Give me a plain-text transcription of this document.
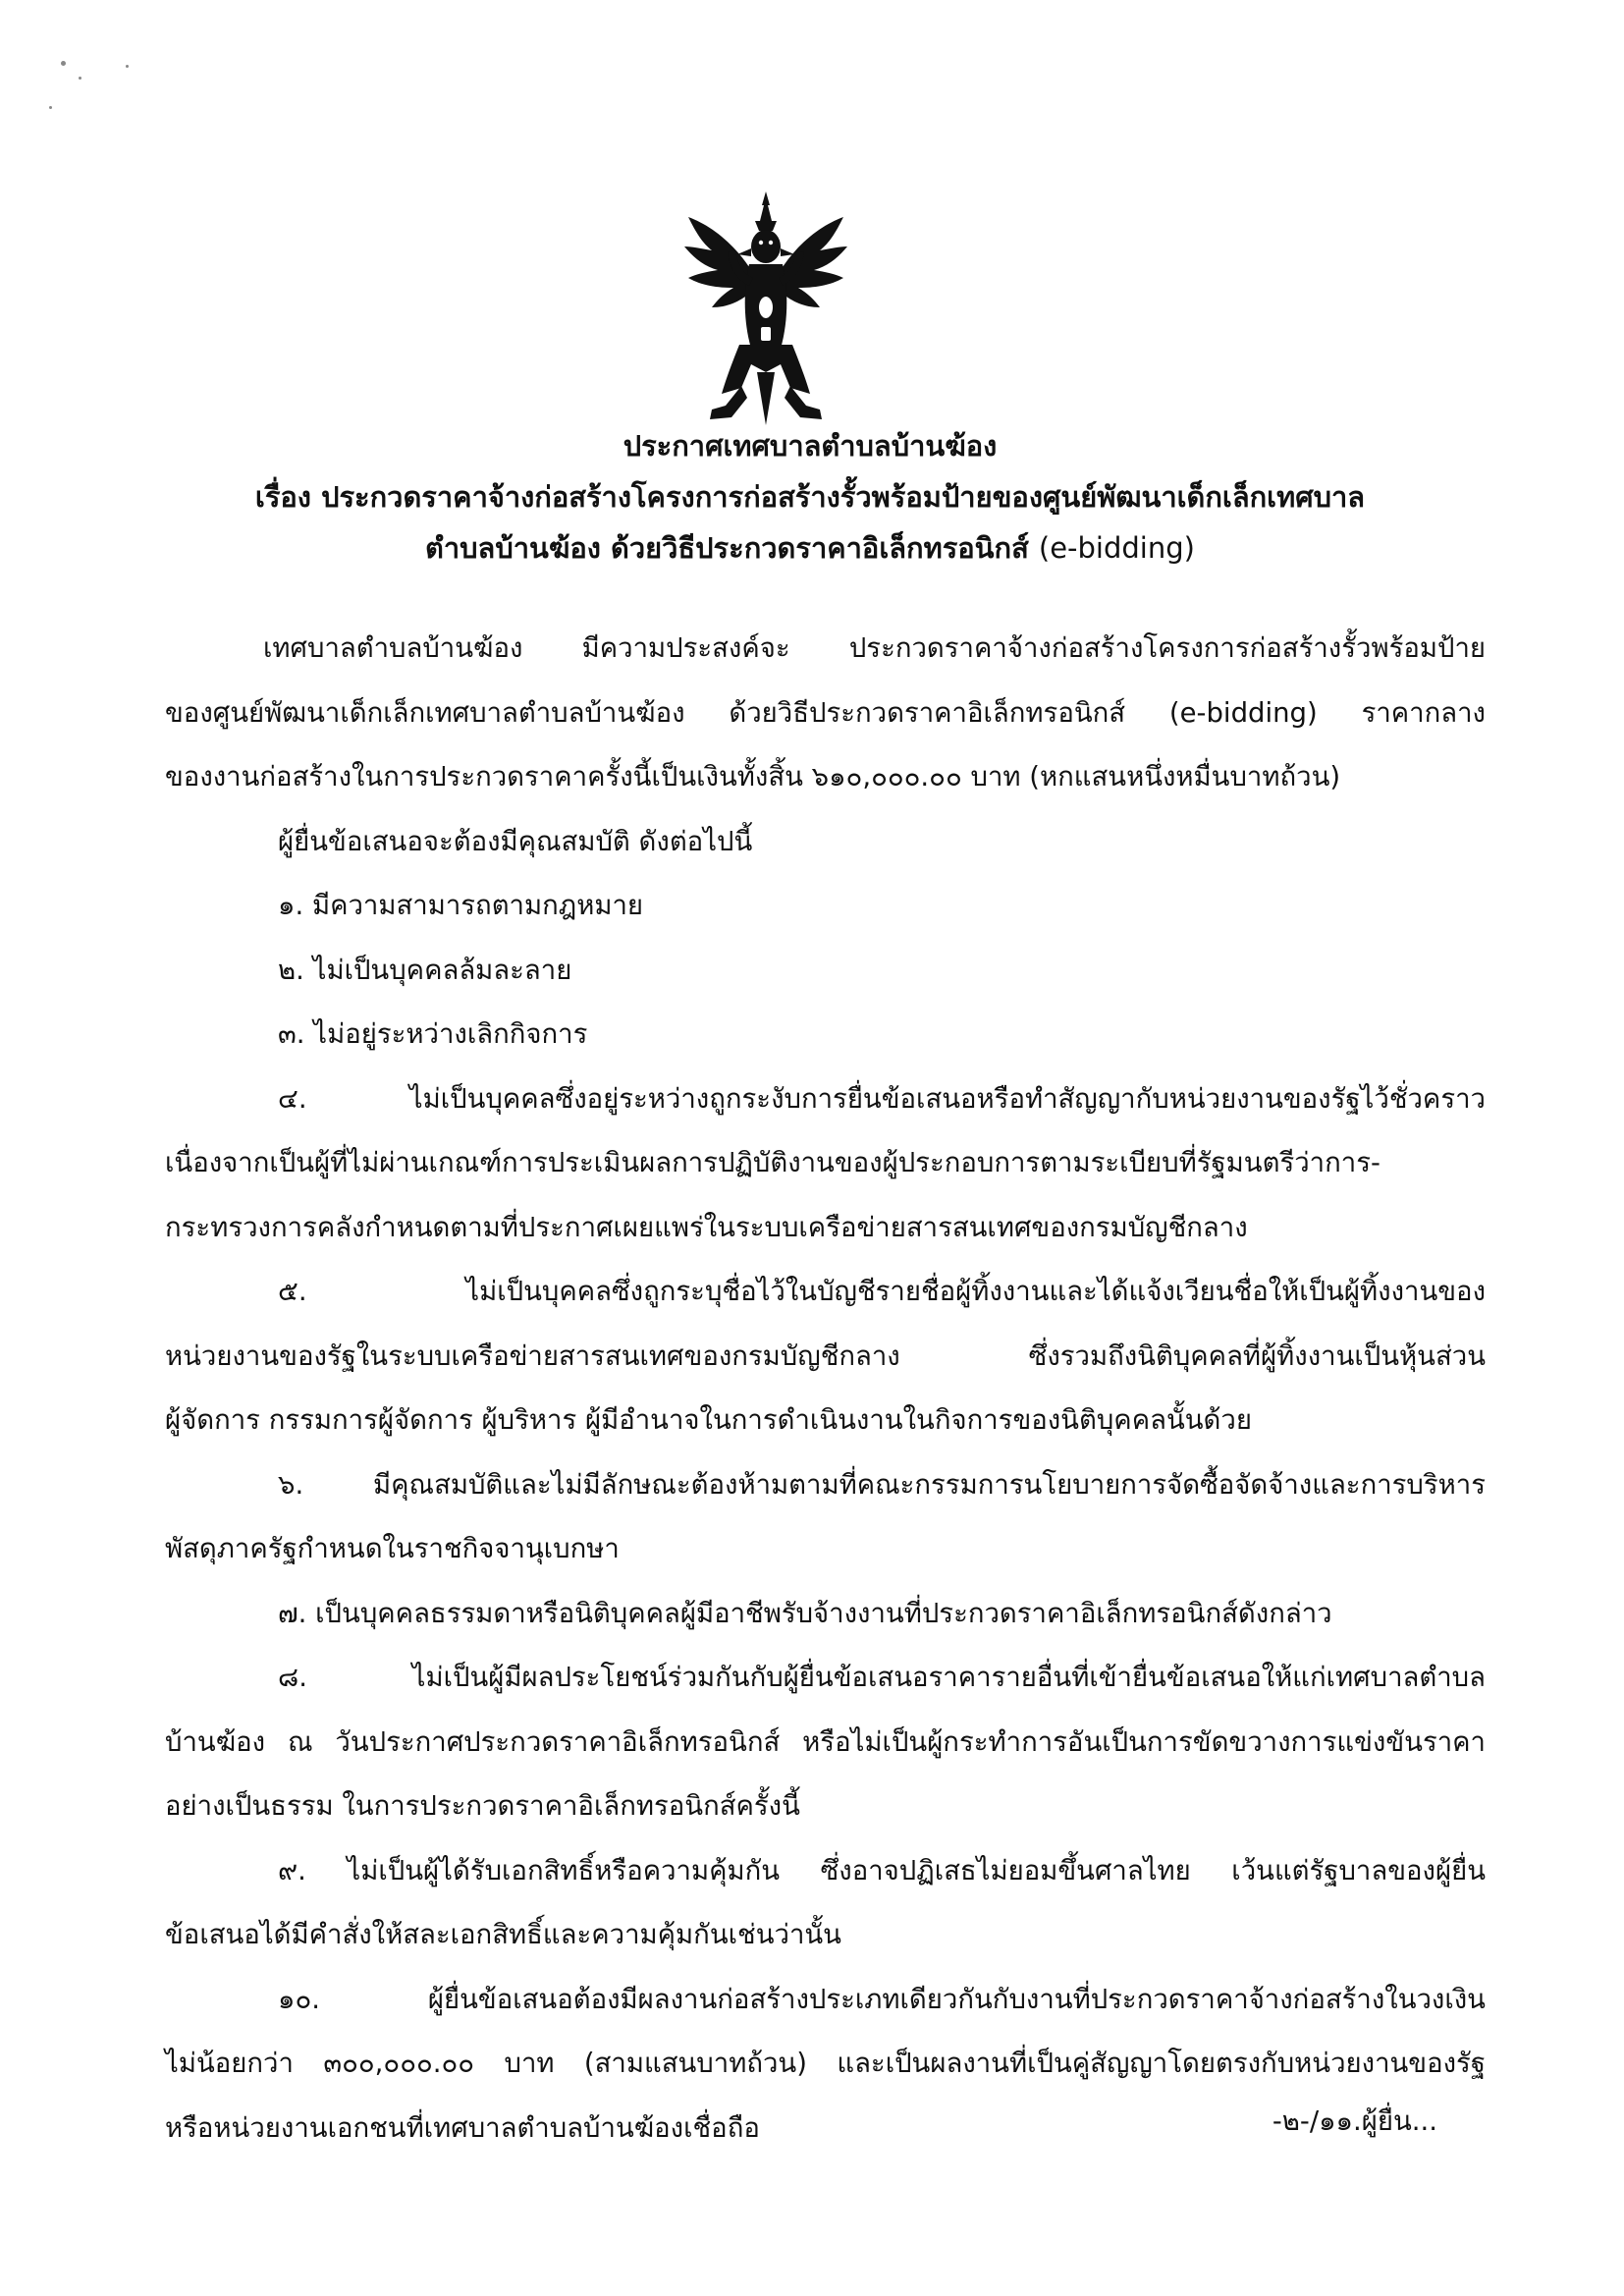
ประกาศเทศบาลตำบลบ้านฆ้อง
เรื่อง ประกวดราคาจ้างก่อสร้างโครงการก่อสร้างรั้วพร้อมป้ายของศูนย์พัฒนาเด็กเล็กเทศบาล
ตำบลบ้านฆ้อง ด้วยวิธีประกวดราคาอิเล็กทรอนิกส์ (e-bidding)
เทศบาลตำบลบ้านฆ้อง มีความประสงค์จะ ประกวดราคาจ้างก่อสร้างโครงการก่อสร้างรั้วพร้อมป้าย
ของศูนย์พัฒนาเด็กเล็กเทศบาลตำบลบ้านฆ้อง ด้วยวิธีประกวดราคาอิเล็กทรอนิกส์ (e-bidding) ราคากลาง
ของงานก่อสร้างในการประกวดราคาครั้งนี้เป็นเงินทั้งสิ้น ๖๑๐,๐๐๐.๐๐ บาท (หกแสนหนึ่งหมื่นบาทถ้วน)
ผู้ยื่นข้อเสนอจะต้องมีคุณสมบัติ ดังต่อไปนี้
๑. มีความสามารถตามกฎหมาย
๒. ไม่เป็นบุคคลล้มละลาย
๓. ไม่อยู่ระหว่างเลิกกิจการ
๔. ไม่เป็นบุคคลซึ่งอยู่ระหว่างถูกระงับการยื่นข้อเสนอหรือทำสัญญากับหน่วยงานของรัฐไว้ชั่วคราว
เนื่องจากเป็นผู้ที่ไม่ผ่านเกณฑ์การประเมินผลการปฏิบัติงานของผู้ประกอบการตามระเบียบที่รัฐมนตรีว่าการ-
กระทรวงการคลังกำหนดตามที่ประกาศเผยแพร่ในระบบเครือข่ายสารสนเทศของกรมบัญชีกลาง
๕. ไม่เป็นบุคคลซึ่งถูกระบุชื่อไว้ในบัญชีรายชื่อผู้ทิ้งงานและได้แจ้งเวียนชื่อให้เป็นผู้ทิ้งงานของ
หน่วยงานของรัฐในระบบเครือข่ายสารสนเทศของกรมบัญชีกลาง ซึ่งรวมถึงนิติบุคคลที่ผู้ทิ้งงานเป็นหุ้นส่วน
ผู้จัดการ กรรมการผู้จัดการ ผู้บริหาร ผู้มีอำนาจในการดำเนินงานในกิจการของนิติบุคคลนั้นด้วย
๖. มีคุณสมบัติและไม่มีลักษณะต้องห้ามตามที่คณะกรรมการนโยบายการจัดซื้อจัดจ้างและการบริหาร
พัสดุภาครัฐกำหนดในราชกิจจานุเบกษา
๗. เป็นบุคคลธรรมดาหรือนิติบุคคลผู้มีอาชีพรับจ้างงานที่ประกวดราคาอิเล็กทรอนิกส์ดังกล่าว
๘. ไม่เป็นผู้มีผลประโยชน์ร่วมกันกับผู้ยื่นข้อเสนอราคารายอื่นที่เข้ายื่นข้อเสนอให้แก่เทศบาลตำบล
บ้านฆ้อง ณ วันประกาศประกวดราคาอิเล็กทรอนิกส์ หรือไม่เป็นผู้กระทำการอันเป็นการขัดขวางการแข่งขันราคา
อย่างเป็นธรรม ในการประกวดราคาอิเล็กทรอนิกส์ครั้งนี้
๙. ไม่เป็นผู้ได้รับเอกสิทธิ์หรือความคุ้มกัน ซึ่งอาจปฏิเสธไม่ยอมขึ้นศาลไทย เว้นแต่รัฐบาลของผู้ยื่น
ข้อเสนอได้มีคำสั่งให้สละเอกสิทธิ์และความคุ้มกันเช่นว่านั้น
๑๐. ผู้ยื่นข้อเสนอต้องมีผลงานก่อสร้างประเภทเดียวกันกับงานที่ประกวดราคาจ้างก่อสร้างในวงเงิน
ไม่น้อยกว่า ๓๐๐,๐๐๐.๐๐ บาท (สามแสนบาทถ้วน) และเป็นผลงานที่เป็นคู่สัญญาโดยตรงกับหน่วยงานของรัฐ
หรือหน่วยงานเอกชนที่เทศบาลตำบลบ้านฆ้องเชื่อถือ	-๒-/๑๑.ผู้ยื่น...
